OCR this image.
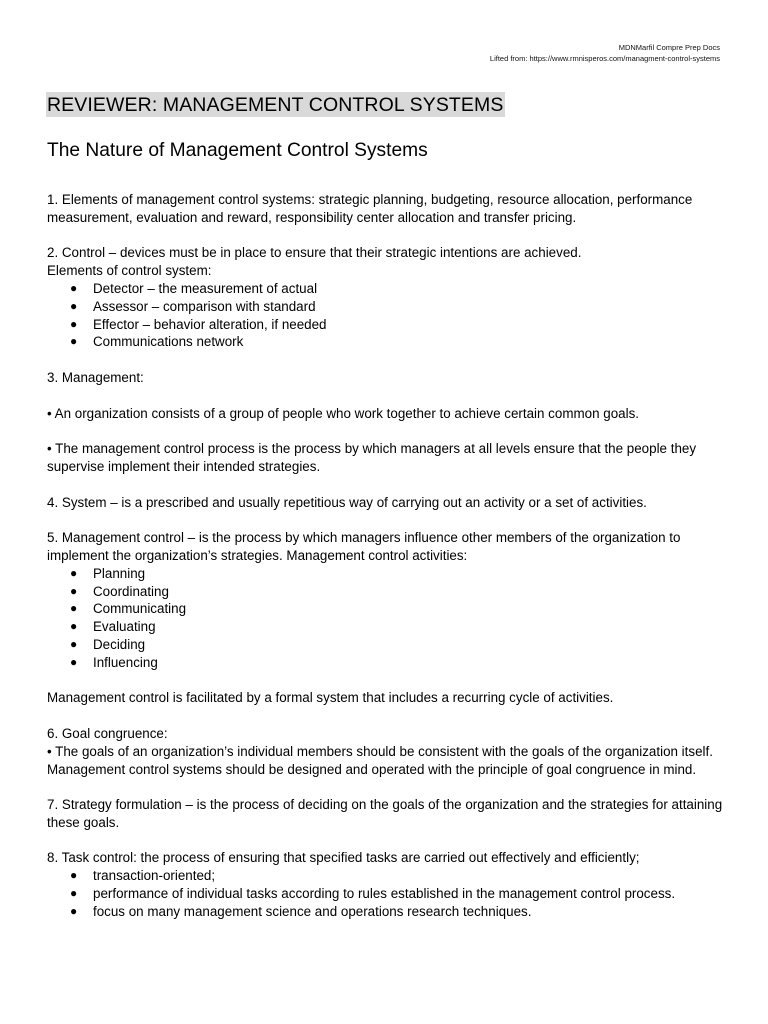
MDNMarfil Compre Prep Docs
Lifted from: https://www.rmnisperos.com/managment-control-systems
REVIEWER: MANAGEMENT CONTROL SYSTEMS
The Nature of Management Control Systems

1. Elements of management control systems: strategic planning, budgeting, resource allocation, performance measurement, evaluation and reward, responsibility center allocation and transfer pricing.

2. Control – devices must be in place to ensure that their strategic intentions are achieved.

Elements of control system:

● Detector – the measurement of actual
● Assessor – comparison with standard
● Effector – behavior alteration, if needed
● Communications network

3. Management:

• An organization consists of a group of people who work together to achieve certain common goals.

• The management control process is the process by which managers at all levels ensure that the people they supervise implement their intended strategies.

4. System – is a prescribed and usually repetitious way of carrying out an activity or a set of activities.

5. Management control – is the process by which managers influence other members of the organization to implement the organization’s strategies. Management control activities:

● Planning
● Coordinating
● Communicating
● Evaluating
● Deciding
● Influencing

Management control is facilitated by a formal system that includes a recurring cycle of activities.

6. Goal congruence:

• The goals of an organization’s individual members should be consistent with the goals of the organization itself. Management control systems should be designed and operated with the principle of goal congruence in mind.

7. Strategy formulation – is the process of deciding on the goals of the organization and the strategies for attaining these goals.

8. Task control: the process of ensuring that specified tasks are carried out effectively and efficiently;

● transaction-oriented;
● performance of individual tasks according to rules established in the management control process.
● focus on many management science and operations research techniques.
